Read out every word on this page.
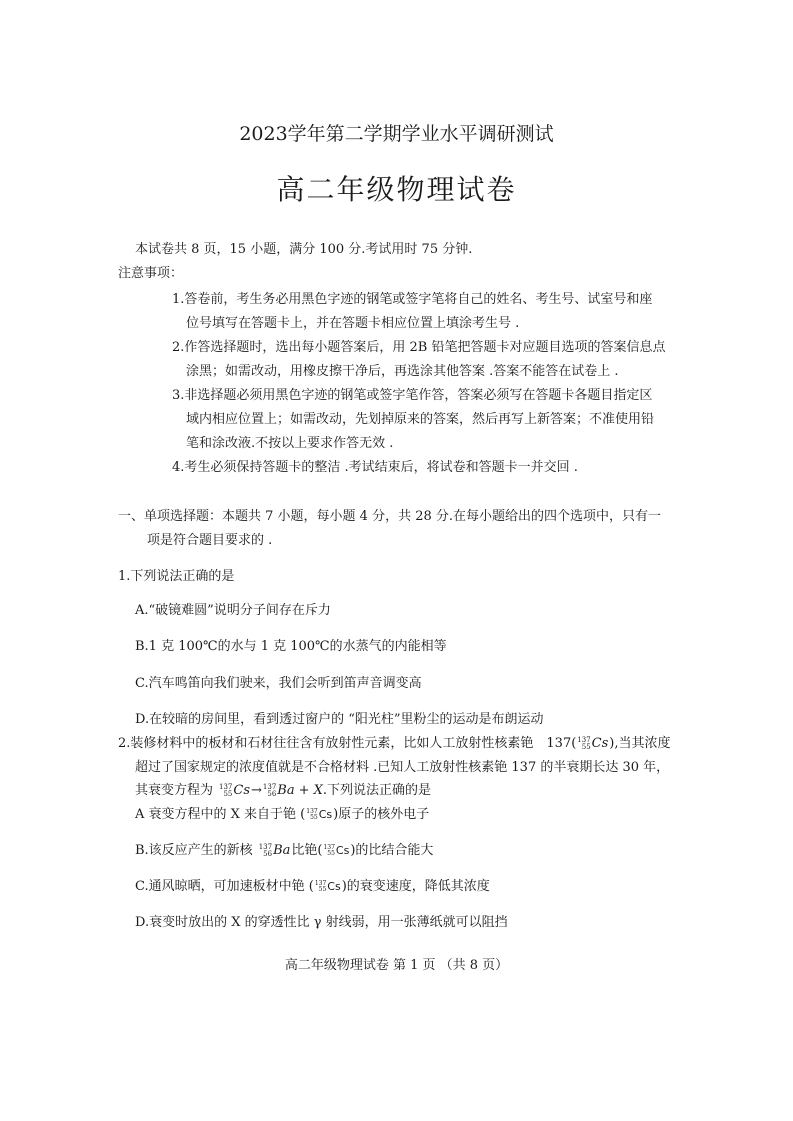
2023学年第二学期学业水平调研测试
高二年级物理试卷
本试卷共 8 页，15 小题，满分 100 分.考试用时 75 分钟.
注意事项：
1.答卷前，考生务必用黑色字迹的钢笔或签字笔将自己的姓名、考生号、试室号和座
位号填写在答题卡上，并在答题卡相应位置上填涂考生号 .
2.作答选择题时，选出每小题答案后，用 2B 铅笔把答题卡对应题目选项的答案信息点
涂黑；如需改动，用橡皮擦干净后，再选涂其他答案 .答案不能答在试卷上 .
3.非选择题必须用黑色字迹的钢笔或签字笔作答，答案必须写在答题卡各题目指定区
域内相应位置上；如需改动，先划掉原来的答案，然后再写上新答案；不准使用铅
笔和涂改液.不按以上要求作答无效 .
4.考生必须保持答题卡的整洁 .考试结束后，将试卷和答题卡一并交回 .
一、单项选择题：本题共 7 小题，每小题 4 分，共 28 分.在每小题给出的四个选项中，只有一
项是符合题目要求的 .
1.下列说法正确的是
A.“破镜难圆”说明分子间存在斥力
B.1 克 100℃的水与 1 克 100℃的水蒸气的内能相等
C.汽车鸣笛向我们驶来，我们会听到笛声音调变高
D.在较暗的房间里，看到透过窗户的 “阳光柱”里粉尘的运动是布朗运动
2.装修材料中的板材和石材往往含有放射性元素，比如人工放射性核素铯　137 ( 137
55 Cs ) ,当其浓度
超过了国家规定的浓度值就是不合格材料 .已知人工放射性核素铯 137 的半衰期长达 30 年，
其衰变方程为 137
55 Cs → 137
56 Ba + X .下列说法正确的是
A 衰变方程中的 X 来自于铯 ( 137
55 Cs )原子的核外电子
B.该反应产生的新核 137
56 Ba 比铯( 137
55 Cs )的比结合能大
C.通风晾晒，可加速板材中铯 ( 137
55 Cs )的衰变速度，降低其浓度
D.衰变时放出的 X 的穿透性比 γ 射线弱，用一张薄纸就可以阻挡
高二年级物理试卷 第 1 页 （共 8 页）
